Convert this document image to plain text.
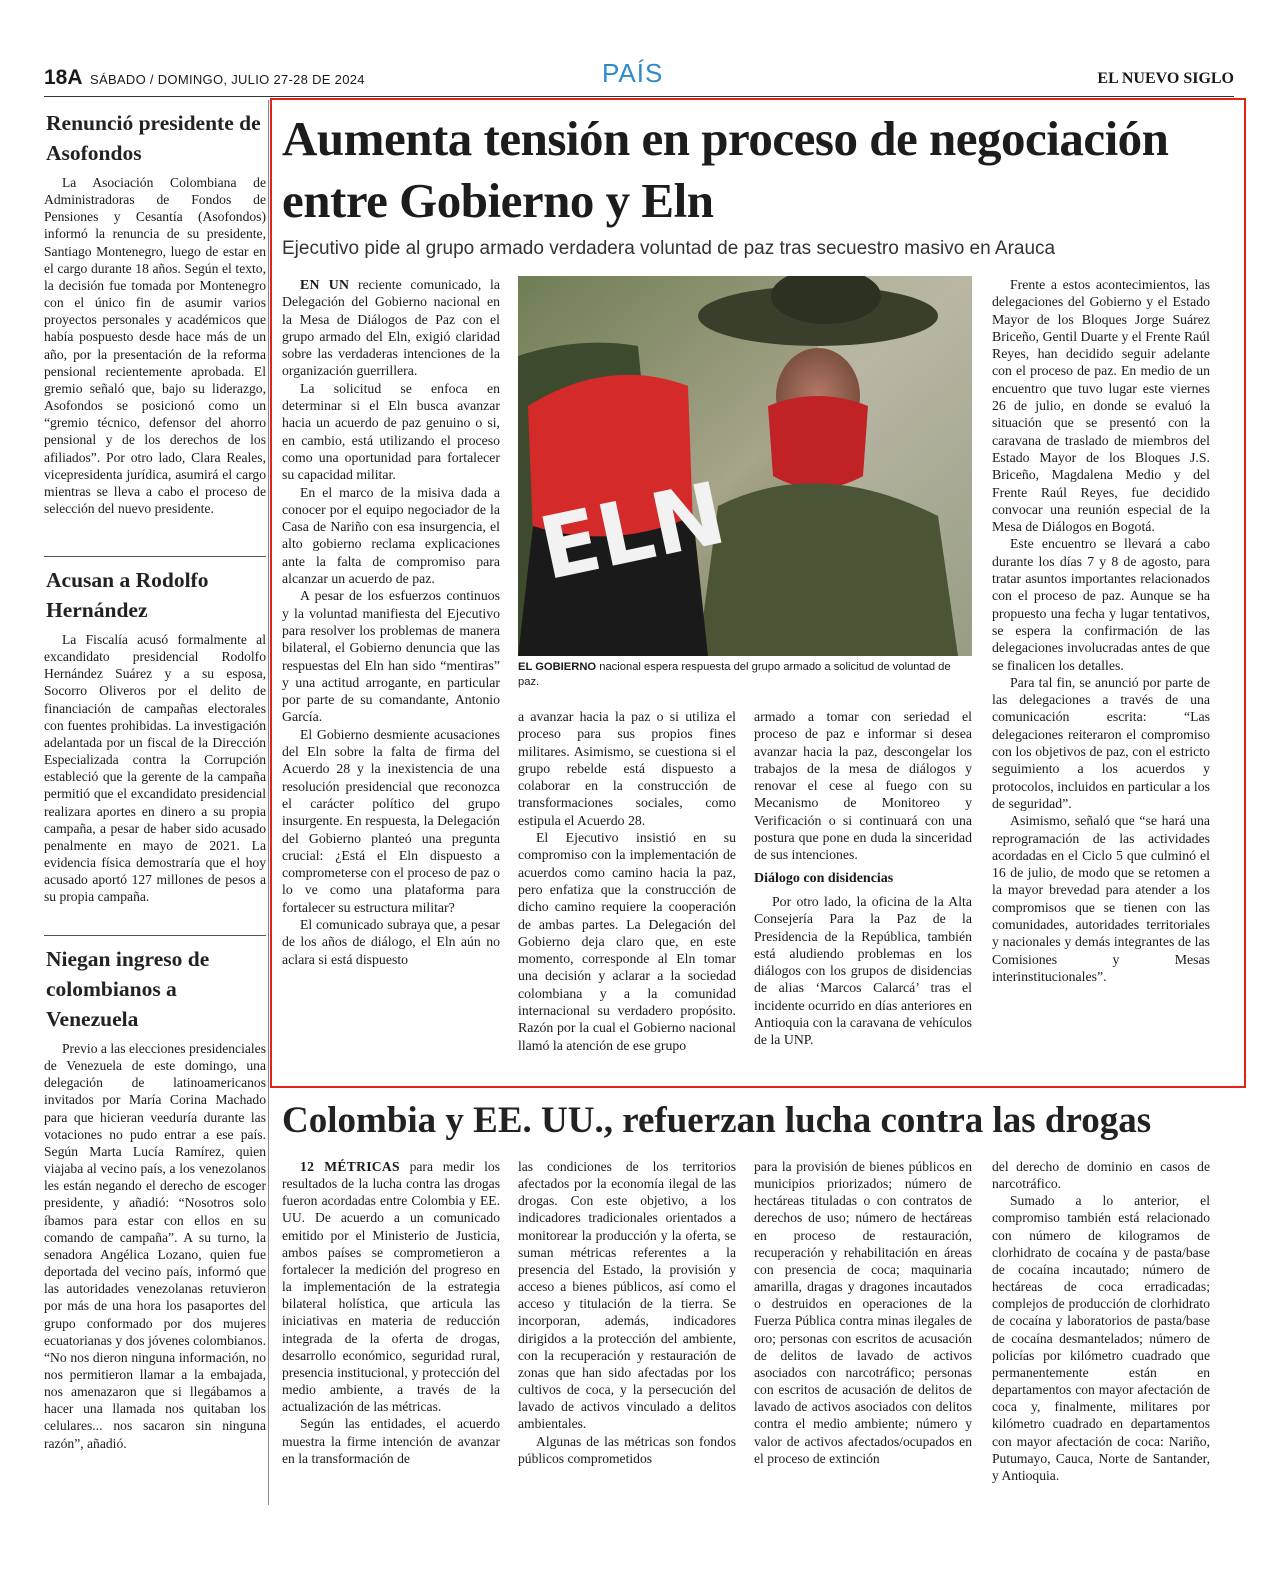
18A SÁBADO / DOMINGO, JULIO 27-28 DE 2024	PAÍS	EL NUEVO SIGLO
Renunció presidente de Asofondos
La Asociación Colombiana de Administradoras de Fondos de Pensiones y Cesantía (Asofondos) informó la renuncia de su presidente, Santiago Montenegro, luego de estar en el cargo durante 18 años. Según el texto, la decisión fue tomada por Montenegro con el único fin de asumir varios proyectos personales y académicos que había pospuesto desde hace más de un año, por la presentación de la reforma pensional recientemente aprobada. El gremio señaló que, bajo su liderazgo, Asofondos se posicionó como un “gremio técnico, defensor del ahorro pensional y de los derechos de los afiliados”. Por otro lado, Clara Reales, vicepresidenta jurídica, asumirá el cargo mientras se lleva a cabo el proceso de selección del nuevo presidente.
Acusan a Rodolfo Hernández
La Fiscalía acusó formalmente al excandidato presidencial Rodolfo Hernández Suárez y a su esposa, Socorro Oliveros por el delito de financiación de campañas electorales con fuentes prohibidas. La investigación adelantada por un fiscal de la Dirección Especializada contra la Corrupción estableció que la gerente de la campaña permitió que el excandidato presidencial realizara aportes en dinero a su propia campaña, a pesar de haber sido acusado penalmente en mayo de 2021. La evidencia física demostraría que el hoy acusado aportó 127 millones de pesos a su propia campaña.
Niegan ingreso de colombianos a Venezuela
Previo a las elecciones presidenciales de Venezuela de este domingo, una delegación de latinoamericanos invitados por María Corina Machado para que hicieran veeduría durante las votaciones no pudo entrar a ese país. Según Marta Lucía Ramírez, quien viajaba al vecino país, a los venezolanos les están negando el derecho de escoger presidente, y añadió: “Nosotros solo íbamos para estar con ellos en su comando de campaña”. A su turno, la senadora Angélica Lozano, quien fue deportada del vecino país, informó que las autoridades venezolanas retuvieron por más de una hora los pasaportes del grupo conformado por dos mujeres ecuatorianas y dos jóvenes colombianos. “No nos dieron ninguna información, no nos permitieron llamar a la embajada, nos amenazaron que si llegábamos a hacer una llamada nos quitaban los celulares... nos sacaron sin ninguna razón”, añadió.
Aumenta tensión en proceso de negociación entre Gobierno y Eln
Ejecutivo pide al grupo armado verdadera voluntad de paz tras secuestro masivo en Arauca

EN UN reciente comunicado, la Delegación del Gobierno nacional en la Mesa de Diálogos de Paz con el grupo armado del Eln, exigió claridad sobre las verdaderas intenciones de la organización guerrillera.

La solicitud se enfoca en determinar si el Eln busca avanzar hacia un acuerdo de paz genuino o si, en cambio, está utilizando el proceso como una oportunidad para fortalecer su capacidad militar.

En el marco de la misiva dada a conocer por el equipo negociador de la Casa de Nariño con esa insurgencia, el alto gobierno reclama explicaciones ante la falta de compromiso para alcanzar un acuerdo de paz.

A pesar de los esfuerzos continuos y la voluntad manifiesta del Ejecutivo para resolver los problemas de manera bilateral, el Gobierno denuncia que las respuestas del Eln han sido “mentiras” y una actitud arrogante, en particular por parte de su comandante, Antonio García.

El Gobierno desmiente acusaciones del Eln sobre la falta de firma del Acuerdo 28 y la inexistencia de una resolución presidencial que reconozca el carácter político del grupo insurgente. En respuesta, la Delegación del Gobierno planteó una pregunta crucial: ¿Está el Eln dispuesto a comprometerse con el proceso de paz o lo ve como una plataforma para fortalecer su estructura militar?

El comunicado subraya que, a pesar de los años de diálogo, el Eln aún no aclara si está dispuesto

ELN
EL GOBIERNO nacional espera respuesta del grupo armado a solicitud de voluntad de paz.

a avanzar hacia la paz o si utiliza el proceso para sus propios fines militares. Asimismo, se cuestiona si el grupo rebelde está dispuesto a colaborar en la construcción de transformaciones sociales, como estipula el Acuerdo 28.

El Ejecutivo insistió en su compromiso con la implementación de acuerdos como camino hacia la paz, pero enfatiza que la construcción de dicho camino requiere la cooperación de ambas partes. La Delegación del Gobierno deja claro que, en este momento, corresponde al Eln tomar una decisión y aclarar a la sociedad colombiana y a la comunidad internacional su verdadero propósito. Razón por la cual el Gobierno nacional llamó la atención de ese grupo

armado a tomar con seriedad el proceso de paz e informar si desea avanzar hacia la paz, descongelar los trabajos de la mesa de diálogos y renovar el cese al fuego con su Mecanismo de Monitoreo y Verificación o si continuará con una postura que pone en duda la sinceridad de sus intenciones.

Diálogo con disidencias

Por otro lado, la oficina de la Alta Consejería Para la Paz de la Presidencia de la República, también está aludiendo problemas en los diálogos con los grupos de disidencias de alias ‘Marcos Calarcá’ tras el incidente ocurrido en días anteriores en Antioquia con la caravana de vehículos de la UNP.

Frente a estos acontecimientos, las delegaciones del Gobierno y el Estado Mayor de los Bloques Jorge Suárez Briceño, Gentil Duarte y el Frente Raúl Reyes, han decidido seguir adelante con el proceso de paz. En medio de un encuentro que tuvo lugar este viernes 26 de julio, en donde se evaluó la situación que se presentó con la caravana de traslado de miembros del Estado Mayor de los Bloques J.S. Briceño, Magdalena Medio y del Frente Raúl Reyes, fue decidido convocar una reunión especial de la Mesa de Diálogos en Bogotá.

Este encuentro se llevará a cabo durante los días 7 y 8 de agosto, para tratar asuntos importantes relacionados con el proceso de paz. Aunque se ha propuesto una fecha y lugar tentativos, se espera la confirmación de las delegaciones involucradas antes de que se finalicen los detalles.

Para tal fin, se anunció por parte de las delegaciones a través de una comunicación escrita: “Las delegaciones reiteraron el compromiso con los objetivos de paz, con el estricto seguimiento a los acuerdos y protocolos, incluidos en particular a los de seguridad”.

Asimismo, señaló que “se hará una reprogramación de las actividades acordadas en el Ciclo 5 que culminó el 16 de julio, de modo que se retomen a la mayor brevedad para atender a los compromisos que se tienen con las comunidades, autoridades territoriales y nacionales y demás integrantes de las Comisiones y Mesas interinstitucionales”.

Colombia y EE. UU., refuerzan lucha contra las drogas

12 MÉTRICAS para medir los resultados de la lucha contra las drogas fueron acordadas entre Colombia y EE. UU. De acuerdo a un comunicado emitido por el Ministerio de Justicia, ambos países se comprometieron a fortalecer la medición del progreso en la implementación de la estrategia bilateral holística, que articula las iniciativas en materia de reducción integrada de la oferta de drogas, desarrollo económico, seguridad rural, presencia institucional, y protección del medio ambiente, a través de la actualización de las métricas.

Según las entidades, el acuerdo muestra la firme intención de avanzar en la transformación de

las condiciones de los territorios afectados por la economía ilegal de las drogas. Con este objetivo, a los indicadores tradicionales orientados a monitorear la producción y la oferta, se suman métricas referentes a la presencia del Estado, la provisión y acceso a bienes públicos, así como el acceso y titulación de la tierra. Se incorporan, además, indicadores dirigidos a la protección del ambiente, con la recuperación y restauración de zonas que han sido afectadas por los cultivos de coca, y la persecución del lavado de activos vinculado a delitos ambientales.

Algunas de las métricas son fondos públicos comprometidos

para la provisión de bienes públicos en municipios priorizados; número de hectáreas tituladas o con contratos de derechos de uso; número de hectáreas en proceso de restauración, recuperación y rehabilitación en áreas con presencia de coca; maquinaria amarilla, dragas y dragones incautados o destruidos en operaciones de la Fuerza Pública contra minas ilegales de oro; personas con escritos de acusación de delitos de lavado de activos asociados con narcotráfico; personas con escritos de acusación de delitos de lavado de activos asociados con delitos contra el medio ambiente; número y valor de activos afectados/ocupados en el proceso de extinción

del derecho de dominio en casos de narcotráfico.

Sumado a lo anterior, el compromiso también está relacionado con número de kilogramos de clorhidrato de cocaína y de pasta/base de cocaína incautado; número de hectáreas de coca erradicadas; complejos de producción de clorhidrato de cocaína y laboratorios de pasta/base de cocaína desmantelados; número de policías por kilómetro cuadrado que permanentemente están en departamentos con mayor afectación de coca y, finalmente, militares por kilómetro cuadrado en departamentos con mayor afectación de coca: Nariño, Putumayo, Cauca, Norte de Santander, y Antioquia.
